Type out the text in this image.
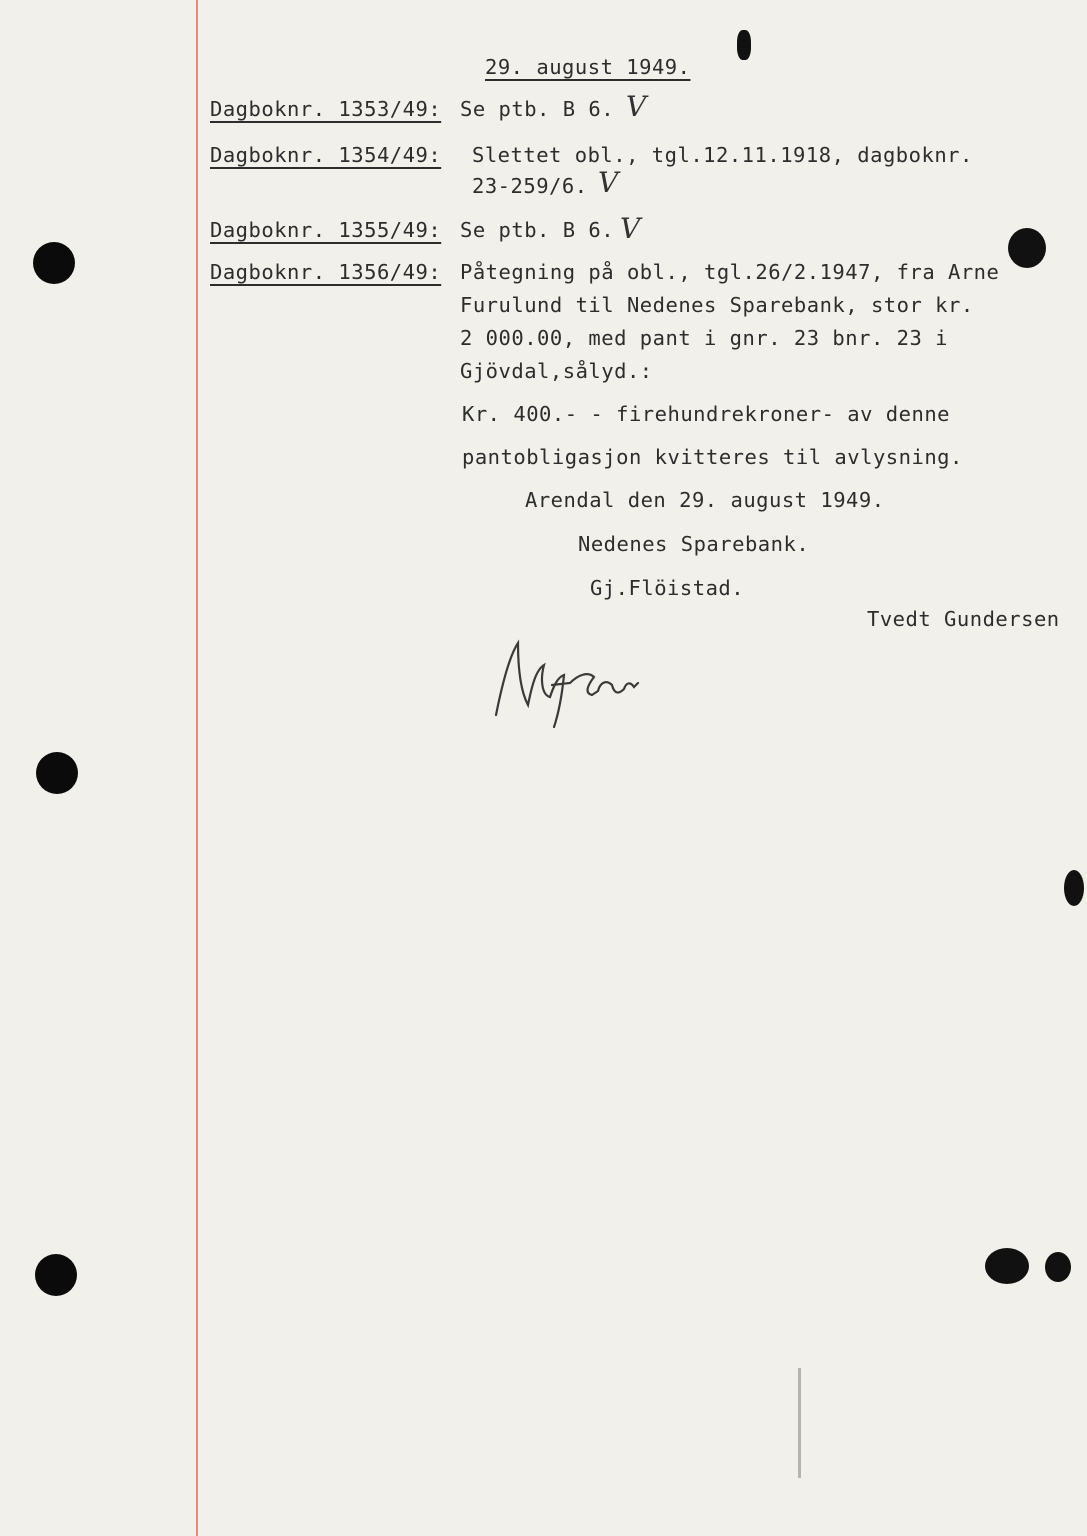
29. august 1949.
Dagboknr. 1353/49: Se ptb. B 6. V
Dagboknr. 1354/49: Slettet obl., tgl.12.11.1918, dagboknr.
23-259/6. V
Dagboknr. 1355/49: Se ptb. B 6. V
Dagboknr. 1356/49: Påtegning på obl., tgl.26/2.1947, fra Arne
Furulund til Nedenes Sparebank, stor kr.
2 000.00, med pant i gnr. 23 bnr. 23 i
Gjövdal,sålyd.:
Kr. 400.- - firehundrekroner- av denne
pantobligasjon kvitteres til avlysning.
Arendal den 29. august 1949.
Nedenes Sparebank.
Gj.Flöistad.
Tvedt Gundersen
